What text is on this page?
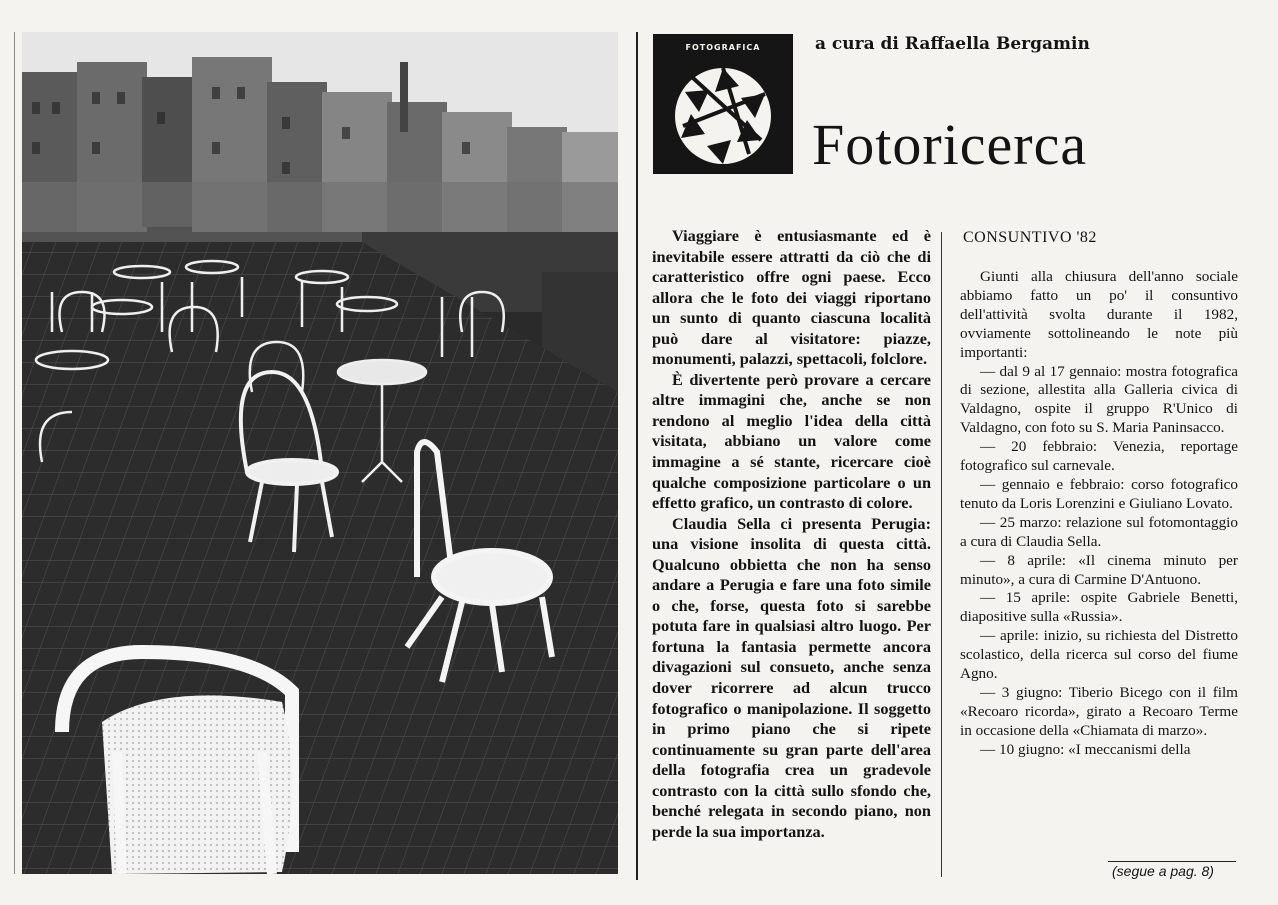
FOTOGRAFICA	a cura di Raffaella Bergamin
Fotoricerca

Viaggiare è entusiasmante ed è inevitabile essere attratti da ciò che di caratteristico offre ogni paese. Ecco allora che le foto dei viaggi riportano un sunto di quanto ciascuna località può dare al visitatore: piazze, monumenti, palazzi, spettacoli, folclore.

È divertente però provare a cercare altre immagini che, anche se non rendono al meglio l'idea della città visitata, abbiano un valore come immagine a sé stante, ricercare cioè qualche composizione particolare o un effetto grafico, un contrasto di colore.

Claudia Sella ci presenta Perugia: una visione insolita di questa città. Qualcuno obbietta che non ha senso andare a Perugia e fare una foto simile o che, forse, questa foto si sarebbe potuta fare in qualsiasi altro luogo. Per fortuna la fantasia permette ancora divagazioni sul consueto, anche senza dover ricorrere ad alcun trucco fotografico o manipolazione. Il soggetto in primo piano che si ripete continuamente su gran parte dell'area della fotografia crea un gradevole contrasto con la città sullo sfondo che, benché relegata in secondo piano, non perde la sua importanza.

CONSUNTIVO '82

Giunti alla chiusura dell'anno sociale abbiamo fatto un po' il consuntivo dell'attività svolta durante il 1982, ovviamente sottolineando le note più importanti:

— dal 9 al 17 gennaio: mostra fotografica di sezione, allestita alla Galleria civica di Valdagno, ospite il gruppo R'Unico di Valdagno, con foto su S. Maria Paninsacco.

— 20 febbraio: Venezia, reportage fotografico sul carnevale.

— gennaio e febbraio: corso fotografico tenuto da Loris Lorenzini e Giuliano Lovato.

— 25 marzo: relazione sul fotomontaggio a cura di Claudia Sella.

— 8 aprile: «Il cinema minuto per minuto», a cura di Carmine D'Antuono.

— 15 aprile: ospite Gabriele Benetti, diapositive sulla «Russia».

— aprile: inizio, su richiesta del Distretto scolastico, della ricerca sul corso del fiume Agno.

— 3 giugno: Tiberio Bicego con il film «Recoaro ricorda», girato a Recoaro Terme in occasione della «Chiamata di marzo».

— 10 giugno: «I meccanismi della

(segue a pag. 8)
